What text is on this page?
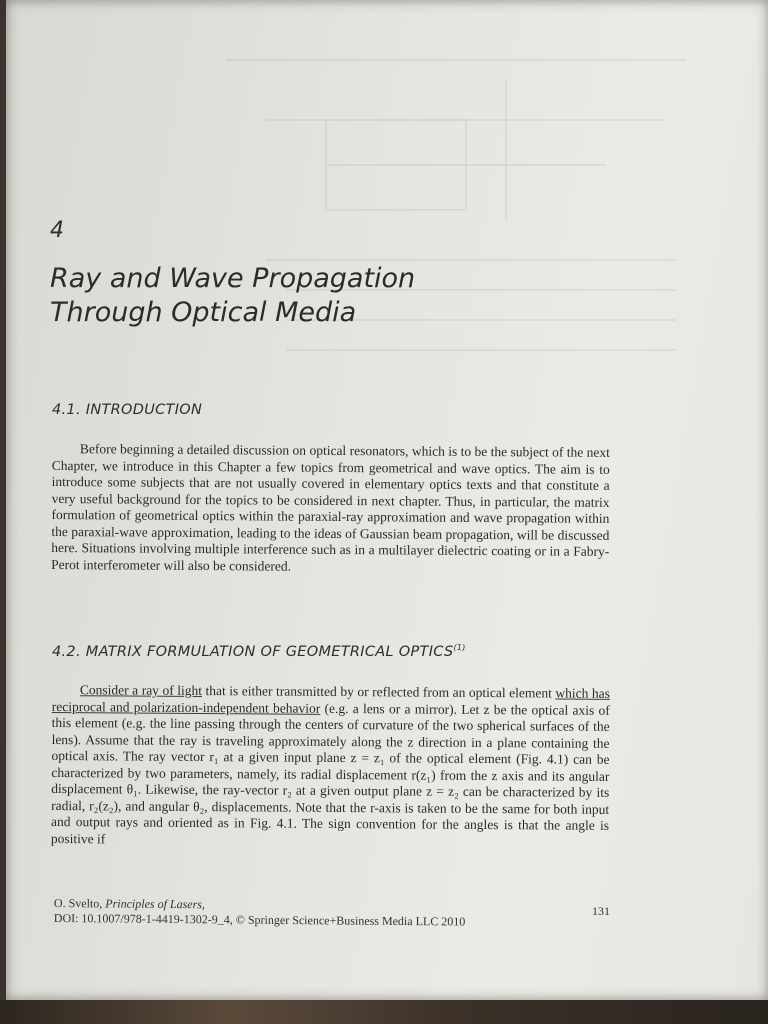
4
Ray and Wave Propagation Through Optical Media
4.1. INTRODUCTION

Before beginning a detailed discussion on optical resonators, which is to be the subject of the next Chapter, we introduce in this Chapter a few topics from geometrical and wave optics. The aim is to introduce some subjects that are not usually covered in elementary optics texts and that constitute a very useful background for the topics to be considered in next chapter. Thus, in particular, the matrix formulation of geometrical optics within the paraxial-ray approximation and wave propagation within the paraxial-wave approximation, leading to the ideas of Gaussian beam propagation, will be discussed here. Situations involving multiple interference such as in a multilayer dielectric coating or in a Fabry-Perot interferometer will also be considered.

4.2. MATRIX FORMULATION OF GEOMETRICAL OPTICS$^{(1)}$

Consider a ray of light that is either transmitted by or reflected from an optical element which has reciprocal and polarization-independent behavior (e.g. a lens or a mirror). Let z be the optical axis of this element (e.g. the line passing through the centers of curvature of the two spherical surfaces of the lens). Assume that the ray is traveling approximately along the z direction in a plane containing the optical axis. The ray vector r₁ at a given input plane z = z₁ of the optical element (Fig. 4.1) can be characterized by two parameters, namely, its radial displacement r(z₁) from the z axis and its angular displacement θ₁. Likewise, the ray-vector r₂ at a given output plane z = z₂ can be characterized by its radial, r₂(z₂), and angular θ₂, displacements. Note that the r-axis is taken to be the same for both input and output rays and oriented as in Fig. 4.1. The sign convention for the angles is that the angle is positive if

O. Svelto, Principles of Lasers,
DOI: 10.1007/978-1-4419-1302-9_4, © Springer Science+Business Media LLC 2010	131
